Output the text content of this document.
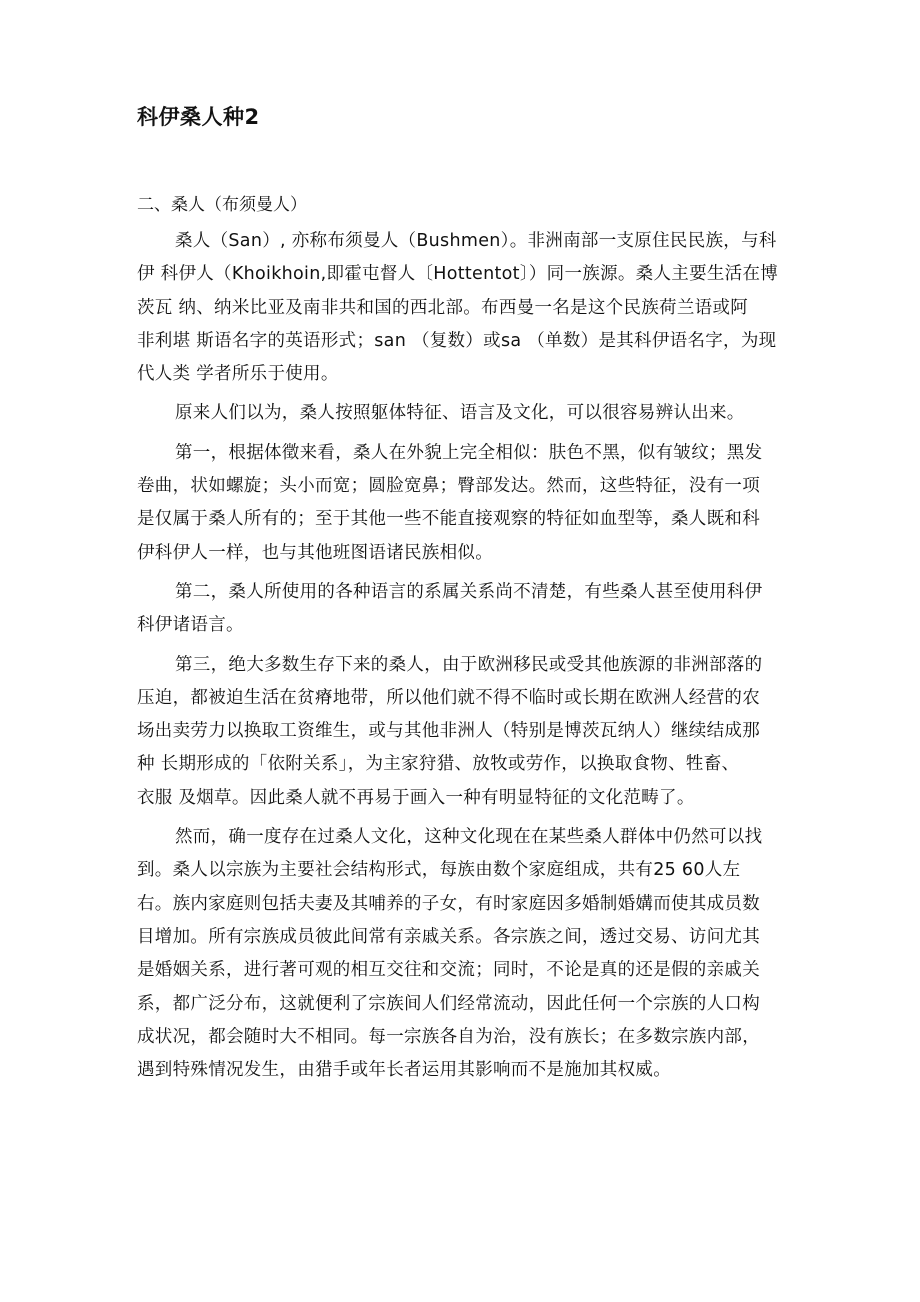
科伊桑人种2
二、桑人（布须曼人）

桑人（San）, 亦称布须曼人（Bushmen）。非洲南部一支原住民民族，与科
伊 科伊人（Khoikhoin,即霍屯督人〔Hottentot〕）同一族源。桑人主要生活在博
茨瓦 纳、纳米比亚及南非共和国的西北部。布西曼一名是这个民族荷兰语或阿
非利堪 斯语名字的英语形式；san （复数）或sa （单数）是其科伊语名字，为现
代人类 学者所乐于使用。

原来人们以为，桑人按照躯体特征、语言及文化，可以很容易辨认出来。

第一，根据体徵来看，桑人在外貌上完全相似：肤色不黑，似有皱纹；黑发
卷曲，状如螺旋；头小而宽；圆脸宽鼻；臀部发达。然而，这些特征，没有一项
是仅属于桑人所有的；至于其他一些不能直接观察的特征如血型等，桑人既和科
伊科伊人一样，也与其他班图语诸民族相似。

第二，桑人所使用的各种语言的系属关系尚不清楚，有些桑人甚至使用科伊
科伊诸语言。

第三，绝大多数生存下来的桑人，由于欧洲移民或受其他族源的非洲部落的
压迫，都被迫生活在贫瘠地带，所以他们就不得不临时或长期在欧洲人经营的农
场出卖劳力以换取工资维生，或与其他非洲人（特别是博茨瓦纳人）继续结成那
种 长期形成的「依附关系」，为主家狩猎、放牧或劳作，以换取食物、牲畜、
衣服 及烟草。因此桑人就不再易于画入一种有明显特征的文化范畴了。

然而，确一度存在过桑人文化，这种文化现在在某些桑人群体中仍然可以找
到。桑人以宗族为主要社会结构形式，每族由数个家庭组成，共有25 60人左
右。族内家庭则包括夫妻及其哺养的子女，有时家庭因多婚制婚媾而使其成员数
目增加。所有宗族成员彼此间常有亲戚关系。各宗族之间，透过交易、访问尤其
是婚姻关系，进行著可观的相互交往和交流；同时，不论是真的还是假的亲戚关
系，都广泛分布，这就便利了宗族间人们经常流动，因此任何一个宗族的人口构
成状况，都会随时大不相同。每一宗族各自为治，没有族长；在多数宗族内部，
遇到特殊情况发生，由猎手或年长者运用其影响而不是施加其权威。
